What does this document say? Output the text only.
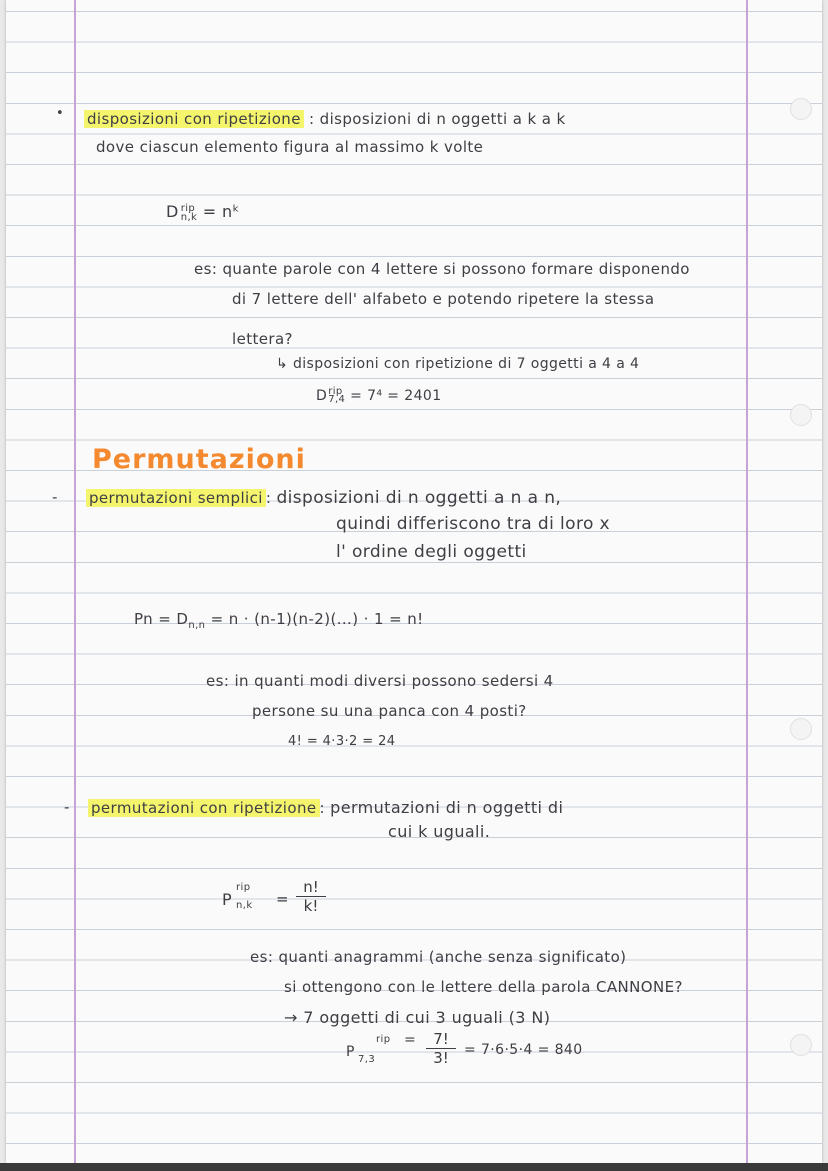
• disposizioni con ripetizione : disposizioni di n oggetti a k a k
dove ciascun elemento figura al massimo k volte
D rip
n,k = nᵏ
es: quante parole con 4 lettere si possono formare disponendo
di 7 lettere dell' alfabeto e potendo ripetere la stessa
lettera?
↳ disposizioni con ripetizione di 7 oggetti a 4 a 4
D rip
7,4 = 7⁴ = 2401
Permutazioni
- permutazioni semplici : disposizioni di n oggetti a n a n,
quindi differiscono tra di loro x
l' ordine degli oggetti
$Pn = D_{n,n} = n \cdot (n-1)(n-2)(...) \cdot 1 = n$!
es: in quanti modi diversi possono sedersi 4
persone su una panca con 4 posti?
4! = 4·3·2 = 24
- permutazioni con ripetizione : permutazioni di n oggetti di
cui k uguali.
P
rip
$n,k = \frac{n!}{k!}$
es: quanti anagrammi (anche senza significato)
si ottengono con le lettere della parola CANNONE?
→ 7 oggetti di cui 3 uguali (3 N)
P
rip
7,3
= $\frac{7!}{3!} = 7\cdot 6\cdot 5\cdot 4 = 840$
